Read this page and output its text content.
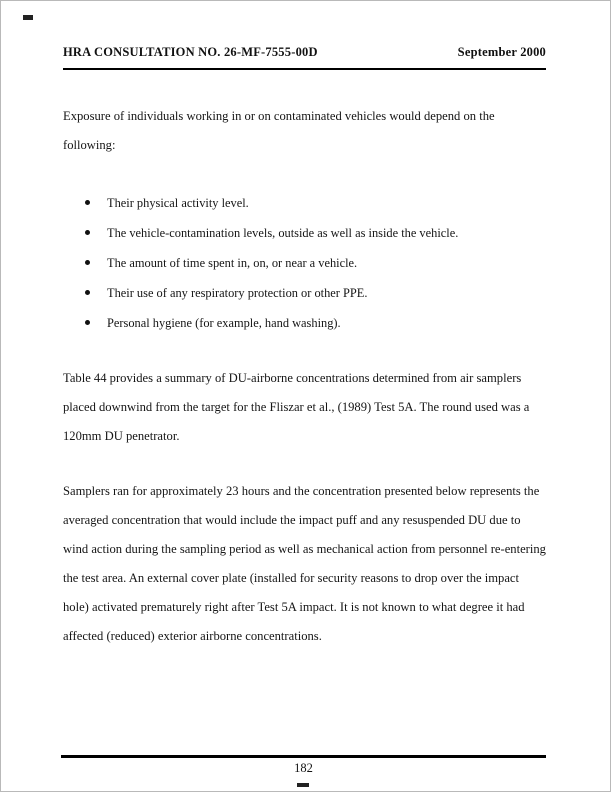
HRA CONSULTATION NO. 26-MF-7555-00D	September 2000

Exposure of individuals working in or on contaminated vehicles would depend on the following:

Their physical activity level.
The vehicle-contamination levels, outside as well as inside the vehicle.
The amount of time spent in, on, or near a vehicle.
Their use of any respiratory protection or other PPE.
Personal hygiene (for example, hand washing).

Table 44 provides a summary of DU-airborne concentrations determined from air samplers placed downwind from the target for the Fliszar et al., (1989) Test 5A. The round used was a 120mm DU penetrator.

Samplers ran for approximately 23 hours and the concentration presented below represents the averaged concentration that would include the impact puff and any resuspended DU due to wind action during the sampling period as well as mechanical action from personnel re-entering the test area. An external cover plate (installed for security reasons to drop over the impact hole) activated prematurely right after Test 5A impact. It is not known to what degree it had affected (reduced) exterior airborne concentrations.

182
